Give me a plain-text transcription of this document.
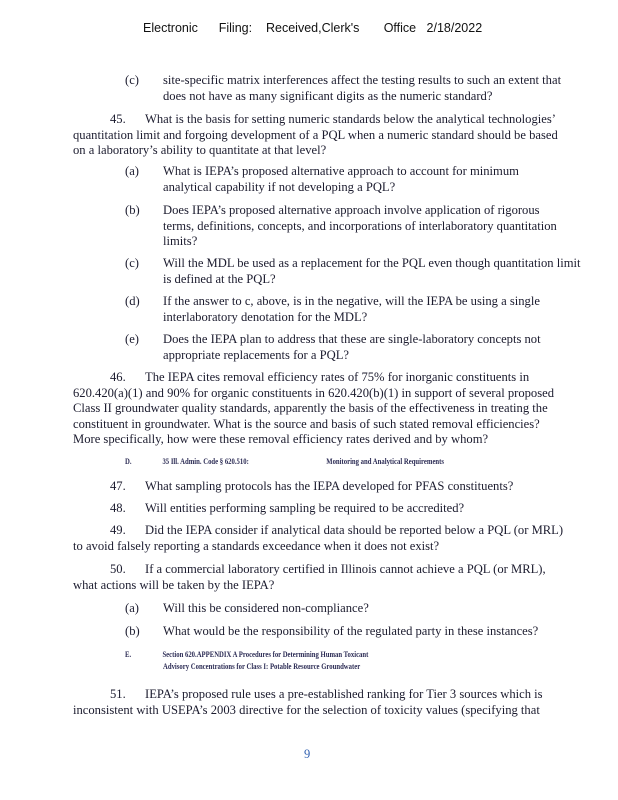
Electronic Filing: Received,Clerk's Office 2/18/2022
(c) site-specific matrix interferences affect the testing results to such an extent that
does not have as many significant digits as the numeric standard?
45. What is the basis for setting numeric standards below the analytical technologies’
quantitation limit and forgoing development of a PQL when a numeric standard should be based
on a laboratory’s ability to quantitate at that level?
(a) What is IEPA’s proposed alternative approach to account for minimum
analytical capability if not developing a PQL?
(b) Does IEPA’s proposed alternative approach involve application of rigorous
terms, definitions, concepts, and incorporations of interlaboratory quantitation
limits?
(c) Will the MDL be used as a replacement for the PQL even though quantitation limit
is defined at the PQL?
(d) If the answer to c, above, is in the negative, will the IEPA be using a single
interlaboratory denotation for the MDL?
(e) Does the IEPA plan to address that these are single-laboratory concepts not
appropriate replacements for a PQL?
46. The IEPA cites removal efficiency rates of 75% for inorganic constituents in
620.420(a)(1) and 90% for organic constituents in 620.420(b)(1) in support of several proposed
Class II groundwater quality standards, apparently the basis of the effectiveness in treating the
constituent in groundwater. What is the source and basis of such stated removal efficiencies?
More specifically, how were these removal efficiency rates derived and by whom?
D.	35 Ill. Admin. Code § 620.510:	Monitoring and Analytical Requirements
47. What sampling protocols has the IEPA developed for PFAS constituents?
48. Will entities performing sampling be required to be accredited?
49. Did the IEPA consider if analytical data should be reported below a PQL (or MRL)
to avoid falsely reporting a standards exceedance when it does not exist?
50. If a commercial laboratory certified in Illinois cannot achieve a PQL (or MRL),
what actions will be taken by the IEPA?
(a) Will this be considered non-compliance?
(b) What would be the responsibility of the regulated party in these instances?
E.	Section 620.APPENDIX A Procedures for Determining Human Toxicant
Advisory Concentrations for Class I: Potable Resource Groundwater
51. IEPA’s proposed rule uses a pre-established ranking for Tier 3 sources which is
inconsistent with USEPA’s 2003 directive for the selection of toxicity values (specifying that
9
